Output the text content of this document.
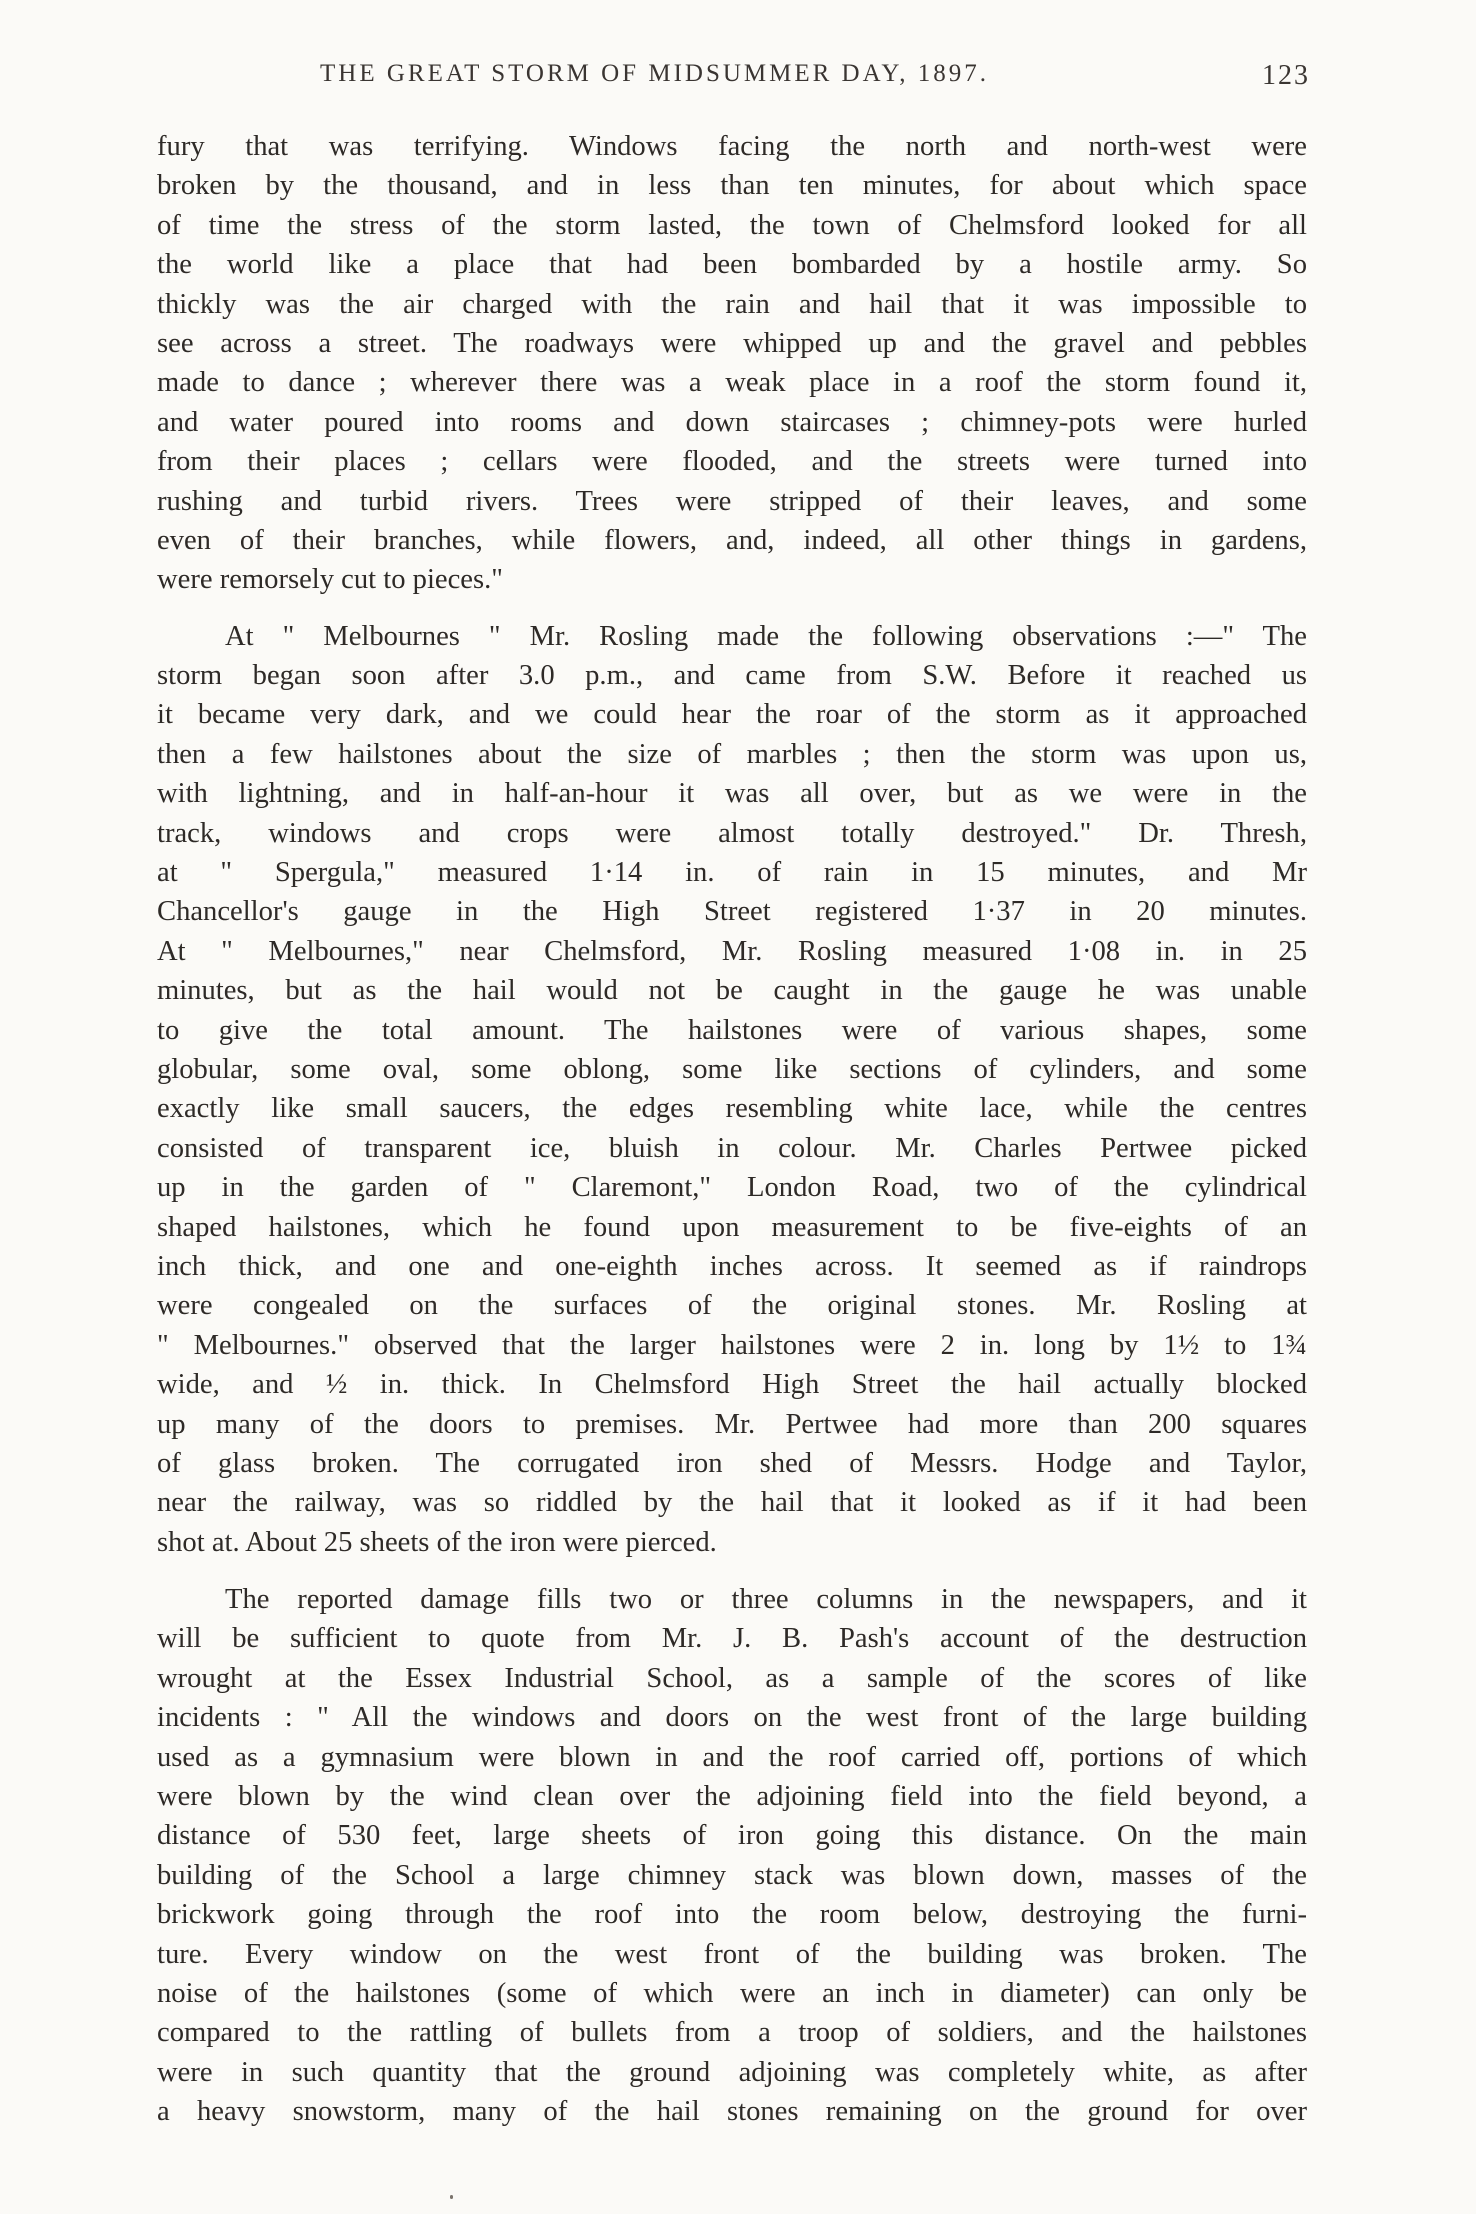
THE GREAT STORM OF MIDSUMMER DAY, 1897.	123
fury that was terrifying. Windows facing the north and north-west were
broken by the thousand, and in less than ten minutes, for about which space
of time the stress of the storm lasted, the town of Chelmsford looked for all
the world like a place that had been bombarded by a hostile army. So
thickly was the air charged with the rain and hail that it was impossible to
see across a street. The roadways were whipped up and the gravel and pebbles
made to dance ; wherever there was a weak place in a roof the storm found it,
and water poured into rooms and down staircases ; chimney-pots were hurled
from their places ; cellars were flooded, and the streets were turned into
rushing and turbid rivers. Trees were stripped of their leaves, and some
even of their branches, while flowers, and, indeed, all other things in gardens,
were remorsely cut to pieces."
At " Melbournes " Mr. Rosling made the following observations :—" The
storm began soon after 3.0 p.m., and came from S.W. Before it reached us
it became very dark, and we could hear the roar of the storm as it approached
then a few hailstones about the size of marbles ; then the storm was upon us,
with lightning, and in half-an-hour it was all over, but as we were in the
track, windows and crops were almost totally destroyed." Dr. Thresh,
at " Spergula," measured 1·14 in. of rain in 15 minutes, and Mr
Chancellor's gauge in the High Street registered 1·37 in 20 minutes.
At " Melbournes," near Chelmsford, Mr. Rosling measured 1·08 in. in 25
minutes, but as the hail would not be caught in the gauge he was unable
to give the total amount. The hailstones were of various shapes, some
globular, some oval, some oblong, some like sections of cylinders, and some
exactly like small saucers, the edges resembling white lace, while the centres
consisted of transparent ice, bluish in colour. Mr. Charles Pertwee picked
up in the garden of " Claremont," London Road, two of the cylindrical
shaped hailstones, which he found upon measurement to be five-eights of an
inch thick, and one and one-eighth inches across. It seemed as if raindrops
were congealed on the surfaces of the original stones. Mr. Rosling at
" Melbournes." observed that the larger hailstones were 2 in. long by 1½ to 1¾
wide, and ½ in. thick. In Chelmsford High Street the hail actually blocked
up many of the doors to premises. Mr. Pertwee had more than 200 squares
of glass broken. The corrugated iron shed of Messrs. Hodge and Taylor,
near the railway, was so riddled by the hail that it looked as if it had been
shot at. About 25 sheets of the iron were pierced.
The reported damage fills two or three columns in the newspapers, and it
will be sufficient to quote from Mr. J. B. Pash's account of the destruction
wrought at the Essex Industrial School, as a sample of the scores of like
incidents : " All the windows and doors on the west front of the large building
used as a gymnasium were blown in and the roof carried off, portions of which
were blown by the wind clean over the adjoining field into the field beyond, a
distance of 530 feet, large sheets of iron going this distance. On the main
building of the School a large chimney stack was blown down, masses of the
brickwork going through the roof into the room below, destroying the furni-
ture. Every window on the west front of the building was broken. The
noise of the hailstones (some of which were an inch in diameter) can only be
compared to the rattling of bullets from a troop of soldiers, and the hailstones
were in such quantity that the ground adjoining was completely white, as after
a heavy snowstorm, many of the hail stones remaining on the ground for over
